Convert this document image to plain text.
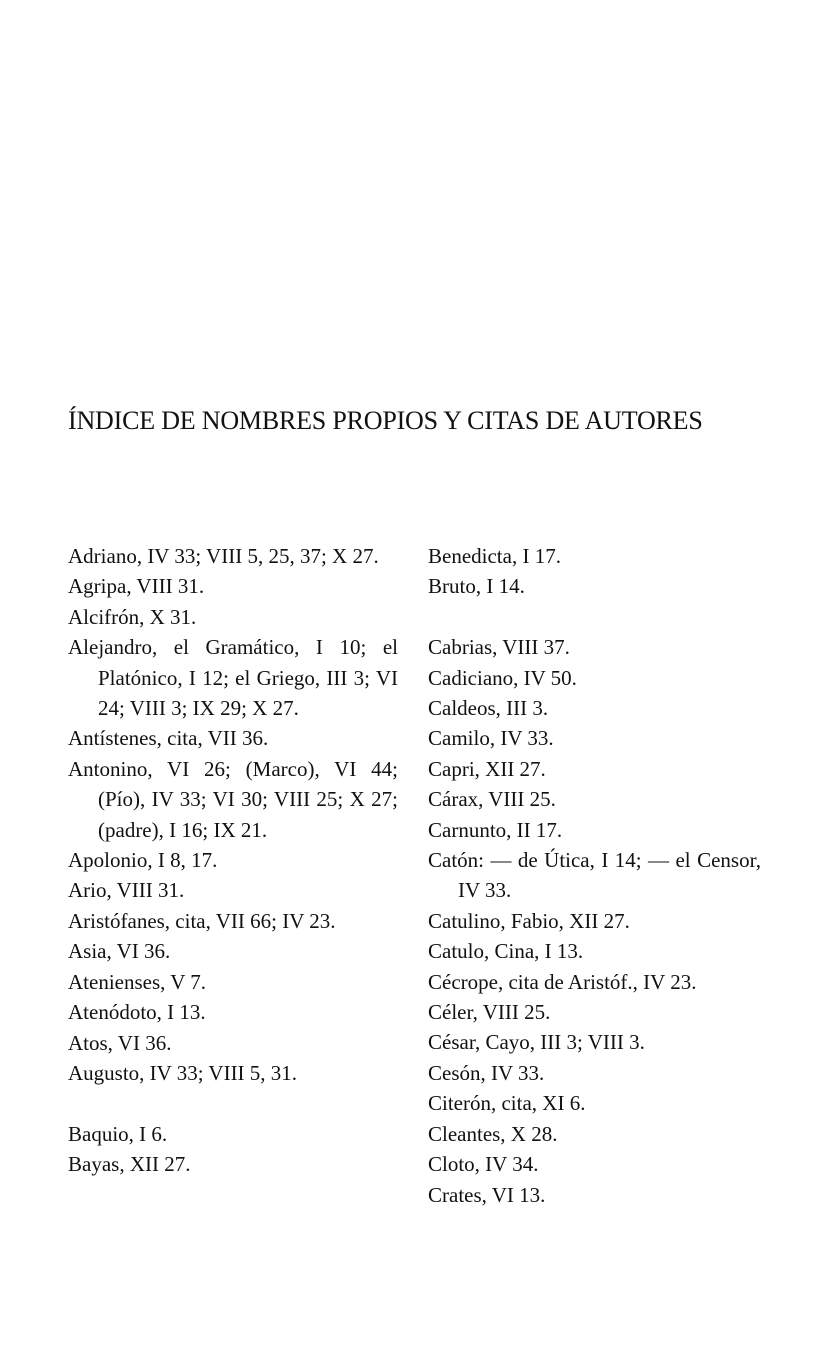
ÍNDICE DE NOMBRES PROPIOS Y CITAS DE AUTORES

Adriano, IV 33; VIII 5, 25, 37; X 27.

Agripa, VIII 31.

Alcifrón, X 31.

Alejandro, el Gramático, I 10; el Platónico, I 12; el Griego, III 3; VI 24; VIII 3; IX 29; X 27.

Antístenes, cita, VII 36.

Antonino, VI 26; (Marco), VI 44; (Pío), IV 33; VI 30; VIII 25; X 27; (padre), I 16; IX 21.

Apolonio, I 8, 17.

Ario, VIII 31.

Aristófanes, cita, VII 66; IV 23.

Asia, VI 36.

Atenienses, V 7.

Atenódoto, I 13.

Atos, VI 36.

Augusto, IV 33; VIII 5, 31.

Baquio, I 6.

Bayas, XII 27.

Benedicta, I 17.

Bruto, I 14.

Cabrias, VIII 37.

Cadiciano, IV 50.

Caldeos, III 3.

Camilo, IV 33.

Capri, XII 27.

Cárax, VIII 25.

Carnunto, II 17.

Catón: — de Útica, I 14; — el Censor, IV 33.

Catulino, Fabio, XII 27.

Catulo, Cina, I 13.

Cécrope, cita de Aristóf., IV 23.

Céler, VIII 25.

César, Cayo, III 3; VIII 3.

Cesón, IV 33.

Citerón, cita, XI 6.

Cleantes, X 28.

Cloto, IV 34.

Crates, VI 13.
